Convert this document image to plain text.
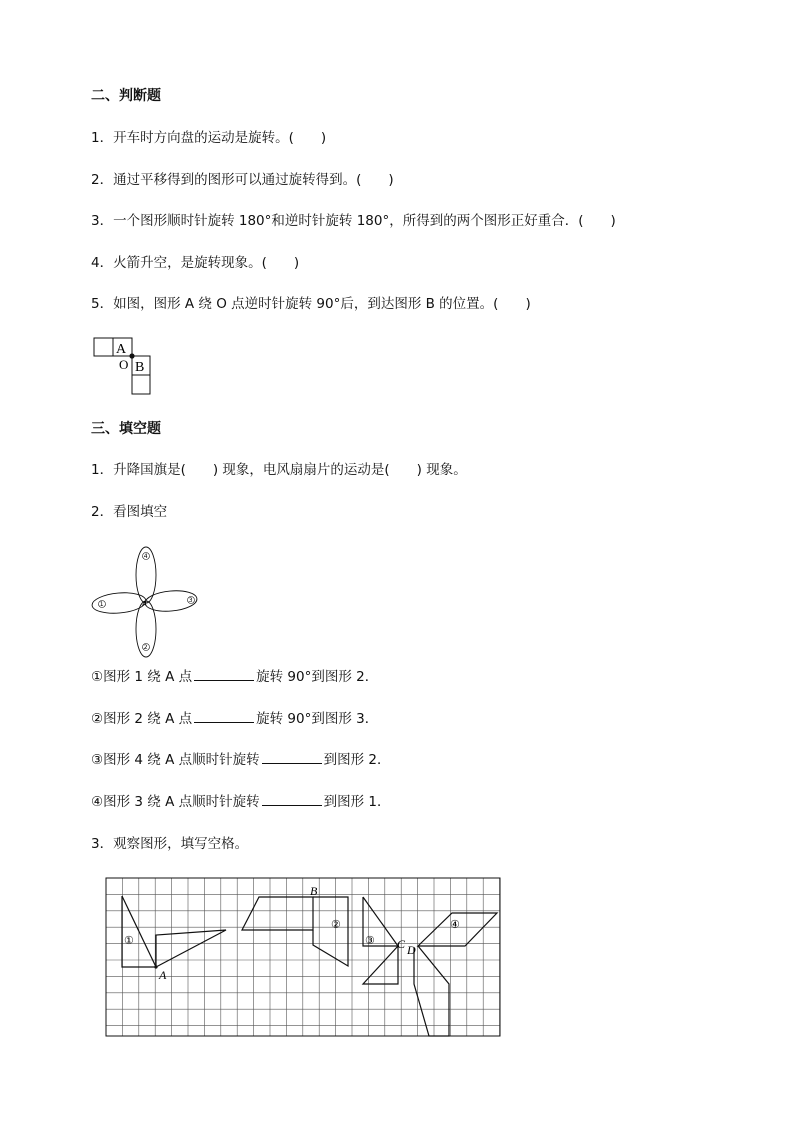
二、判断题
1．开车时方向盘的运动是旋转。(　　)
2．通过平移得到的图形可以通过旋转得到。(　　)
3．一个图形顺时针旋转 180°和逆时针旋转 180°，所得到的两个图形正好重合．(　　)
4．火箭升空，是旋转现象。(　　)
5．如图，图形 A 绕 O 点逆时针旋转 90°后，到达图形 B 的位置。(　　)
A
O B
三、填空题
1．升降国旗是(　　) 现象，电风扇扇片的运动是(　　) 现象。
2．看图填空
4
2
1
3
A
①图形 1 绕 A 点	旋转 90°到图形 2．
②图形 2 绕 A 点	旋转 90°到图形 3．
③图形 4 绕 A 点顺时针旋转	到图形 2．
④图形 3 绕 A 点顺时针旋转	到图形 1．
3．观察图形，填写空格。
A
B
C D
①
②
③
④
